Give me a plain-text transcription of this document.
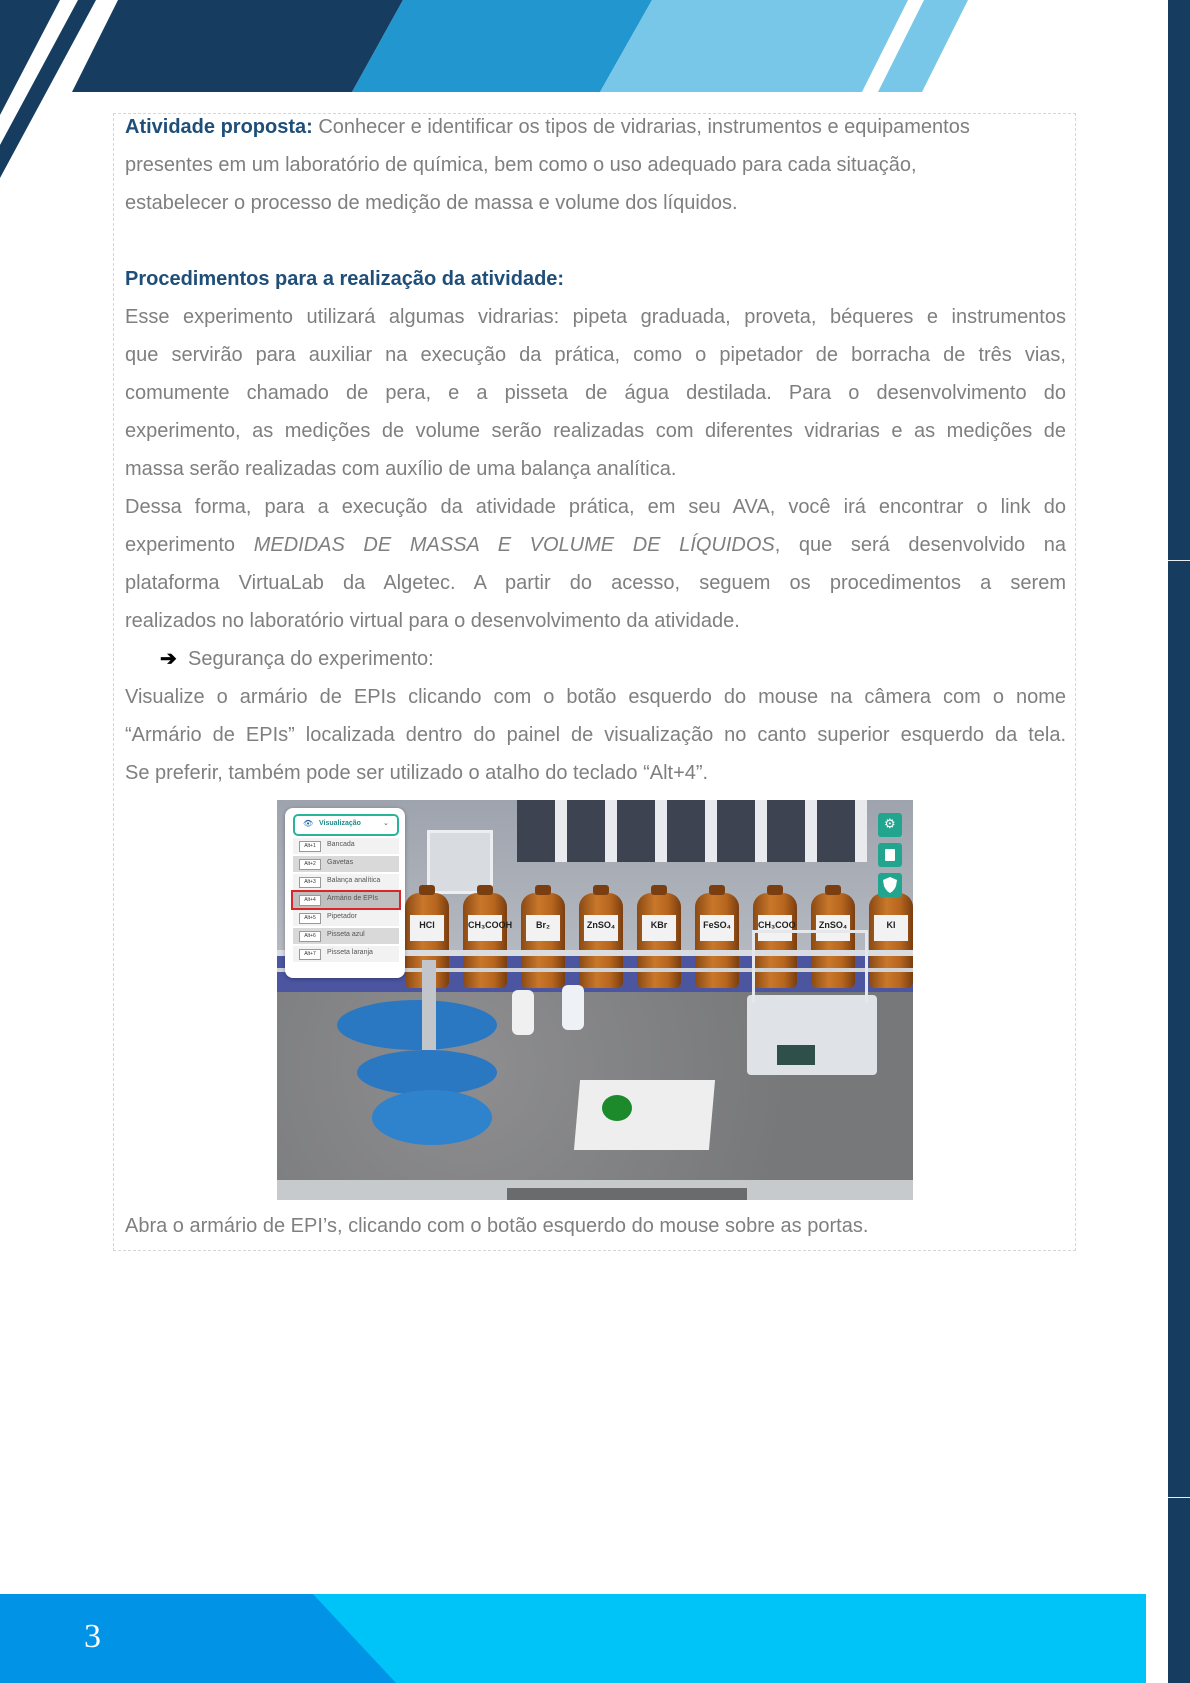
Atividade proposta: Conhecer e identificar os tipos de vidrarias, instrumentos e equipamentos
presentes em um laboratório de química, bem como o uso adequado para cada situação,
estabelecer o processo de medição de massa e volume dos líquidos.
Procedimentos para a realização da atividade:
Esse experimento utilizará algumas vidrarias: pipeta graduada, proveta, béqueres e instrumentos
que servirão para auxiliar na execução da prática, como o pipetador de borracha de três vias,
comumente chamado de pera, e a pisseta de água destilada. Para o desenvolvimento do
experimento, as medições de volume serão realizadas com diferentes vidrarias e as medições de
massa serão realizadas com auxílio de uma balança analítica.
Dessa forma, para a execução da atividade prática, em seu AVA, você irá encontrar o link do
experimento MEDIDAS DE MASSA E VOLUME DE LÍQUIDOS, que será desenvolvido na
plataforma VirtuaLab da Algetec. A partir do acesso, seguem os procedimentos a serem
realizados no laboratório virtual para o desenvolvimento da atividade.
➔ Segurança do experimento:
Visualize o armário de EPIs clicando com o botão esquerdo do mouse na câmera com o nome
“Armário de EPIs” localizada dentro do painel de visualização no canto superior esquerdo da tela.
Se preferir, também pode ser utilizado o atalho do teclado “Alt+4”.
HCl	CH₃COOH	Br₂	ZnSO₄	KBr	FeSO₄	CH₃COO	ZnSO₄	KI
👁 Visualização	⌄
Alt+1	Bancada
Alt+2	Gavetas
Alt+3	Balança analítica
Alt+4	Armário de EPIs
Alt+5	Pipetador
Alt+6	Pisseta azul
Alt+7	Pisseta laranja
⚙
Abra o armário de EPI’s, clicando com o botão esquerdo do mouse sobre as portas.
3
